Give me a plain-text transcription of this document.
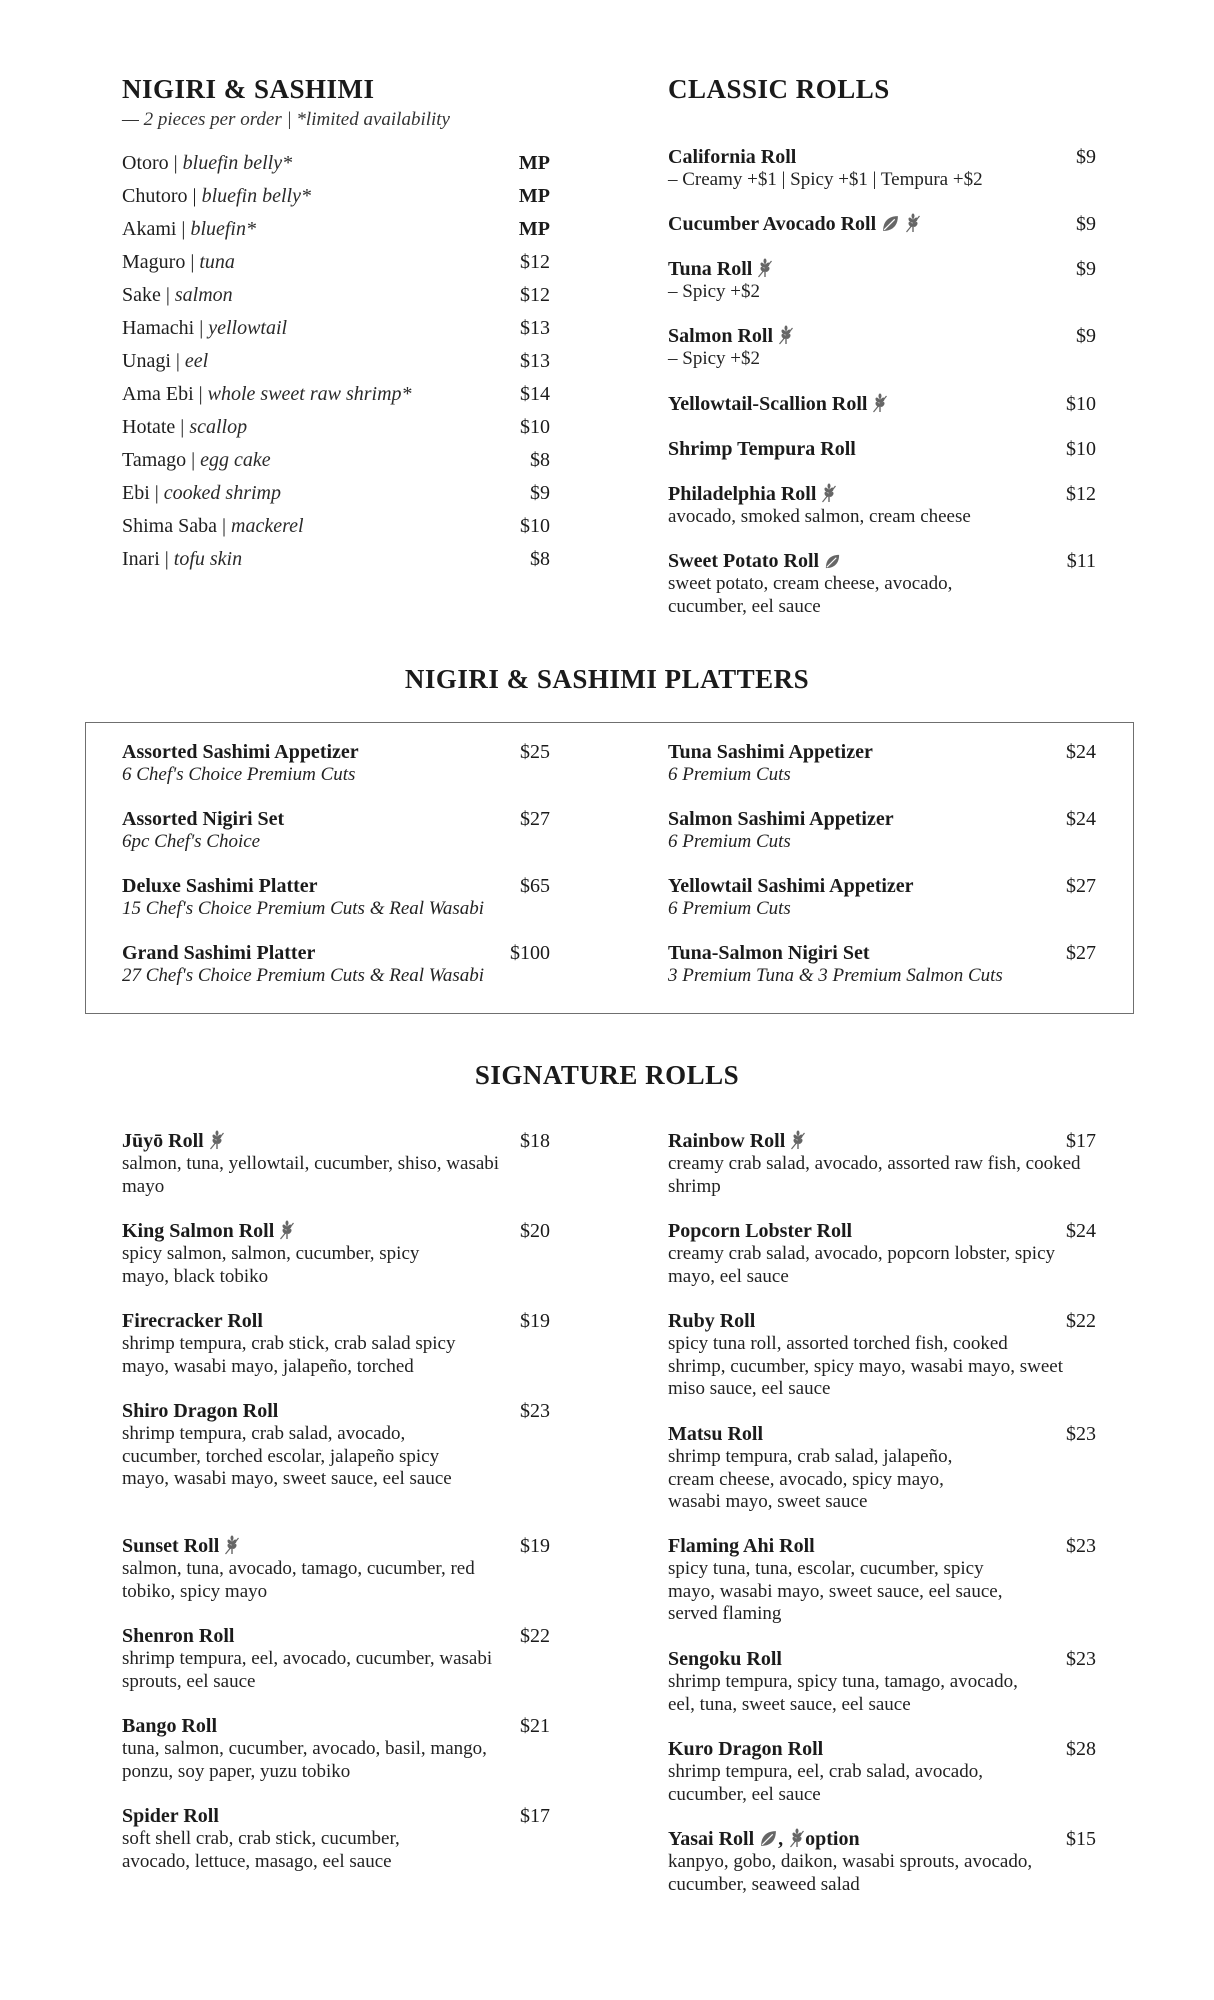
NIGIRI & SASHIMI
— 2 pieces per order | *limited availability
Otoro | bluefin belly*	MP
Chutoro | bluefin belly*	MP
Akami | bluefin*	MP
Maguro | tuna	$12
Sake | salmon	$12
Hamachi | yellowtail	$13
Unagi | eel	$13
Ama Ebi | whole sweet raw shrimp*	$14
Hotate | scallop	$10
Tamago | egg cake	$8
Ebi | cooked shrimp	$9
Shima Saba | mackerel	$10
Inari | tofu skin	$8
CLASSIC ROLLS
California Roll	$9
– Creamy +$1 | Spicy +$1 | Tempura +$2
Cucumber Avocado Roll	$9
Tuna Roll	$9
– Spicy +$2
Salmon Roll	$9
– Spicy +$2
Yellowtail-Scallion Roll	$10
Shrimp Tempura Roll	$10
Philadelphia Roll	$12
avocado, smoked salmon, cream cheese
Sweet Potato Roll	$11
sweet potato, cream cheese, avocado, cucumber, eel sauce
NIGIRI & SASHIMI PLATTERS
Assorted Sashimi Appetizer	$25
6 Chef's Choice Premium Cuts
Assorted Nigiri Set	$27
6pc Chef's Choice
Deluxe Sashimi Platter	$65
15 Chef's Choice Premium Cuts & Real Wasabi
Grand Sashimi Platter	$100
27 Chef's Choice Premium Cuts & Real Wasabi
Tuna Sashimi Appetizer	$24
6 Premium Cuts
Salmon Sashimi Appetizer	$24
6 Premium Cuts
Yellowtail Sashimi Appetizer	$27
6 Premium Cuts
Tuna-Salmon Nigiri Set	$27
3 Premium Tuna & 3 Premium Salmon Cuts
SIGNATURE ROLLS
Jūyō Roll	$18
salmon, tuna, yellowtail, cucumber, shiso, wasabi mayo
King Salmon Roll	$20
spicy salmon, salmon, cucumber, spicy mayo, black tobiko
Firecracker Roll	$19
shrimp tempura, crab stick, crab salad spicy mayo, wasabi mayo, jalapeño, torched
Shiro Dragon Roll	$23
shrimp tempura, crab salad, avocado, cucumber, torched escolar, jalapeño spicy mayo, wasabi mayo, sweet sauce, eel sauce
Sunset Roll	$19
salmon, tuna, avocado, tamago, cucumber, red tobiko, spicy mayo
Shenron Roll	$22
shrimp tempura, eel, avocado, cucumber, wasabi sprouts, eel sauce
Bango Roll	$21
tuna, salmon, cucumber, avocado, basil, mango, ponzu, soy paper, yuzu tobiko
Spider Roll	$17
soft shell crab, crab stick, cucumber, avocado, lettuce, masago, eel sauce
Rainbow Roll	$17
creamy crab salad, avocado, assorted raw fish, cooked shrimp
Popcorn Lobster Roll	$24
creamy crab salad, avocado, popcorn lobster, spicy mayo, eel sauce
Ruby Roll	$22
spicy tuna roll, assorted torched fish, cooked shrimp, cucumber, spicy mayo, wasabi mayo, sweet miso sauce, eel sauce
Matsu Roll	$23
shrimp tempura, crab salad, jalapeño, cream cheese, avocado, spicy mayo, wasabi mayo, sweet sauce
Flaming Ahi Roll	$23
spicy tuna, tuna, escolar, cucumber, spicy mayo, wasabi mayo, sweet sauce, eel sauce, served flaming
Sengoku Roll	$23
shrimp tempura, spicy tuna, tamago, avocado, eel, tuna, sweet sauce, eel sauce
Kuro Dragon Roll	$28
shrimp tempura, eel, crab salad, avocado, cucumber, eel sauce
Yasai Roll , option	$15
kanpyo, gobo, daikon, wasabi sprouts, avocado, cucumber, seaweed salad
